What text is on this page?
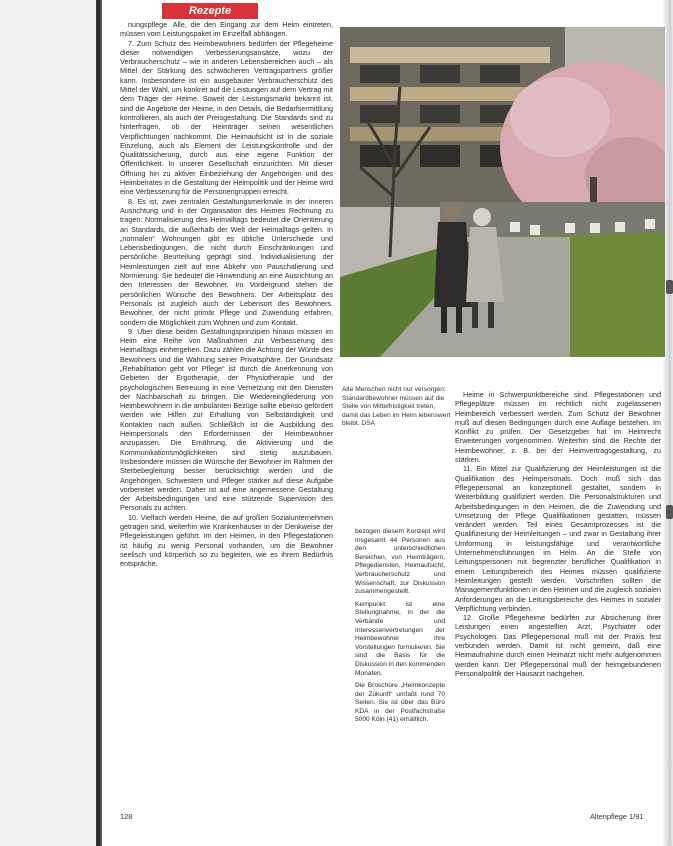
Rezepte

nungspflege. Alle, die den Eingang zur dem Heim eintreten, müssen vom Leistungspaket im Einzelfall abhängen.

7. Zum Schutz des Heimbewohners bedürfen der Pflegeheime dieser notwendigen Verbesserungsansätze, wozu der Verbraucherschutz – wie in anderen Lebensbereichen auch – als Mittel der Stärkung des schwächeren Vertragspartners größer kann. Insbesondere ist ein ausgebauter Verbraucherschutz des Mittel der Wahl, um konkret auf die Leistungen auf dem Vertrag mit dem Träger der Heime. Soweit der Leistungsmarkt bekannt ist, sind die Angebote der Heime, in den Details, die Bedarfsermittlung kontrollieren, als auch der Preisgestaltung. Die Standards sind zu hinterfragen, ob der Heimträger seinen wesentlichen Verpflichtungen nachkommt. Die Heimaufsicht ist in die soziale Einzelung, auch als Element der Leistungskontrolle und der Qualitätssicherung, durch aus eine eigene Funktion der Öffentlichkeit. In unserer Gesellschaft einzurichten. Mit dieser Öffnung hin zu aktiver Einbeziehung der Angehörigen und des Heimbeirates in die Gestaltung der Heimpolitik und der Heime wird eine Verbesserung für die Personengruppen erreicht.

8. Es ist, zwei zentralen Gestaltungsmerkmale in der inneren Ausrichtung und in der Organisation des Heimes Rechnung zu tragen: Normalisierung des Heimalltags bedeutet die Orientierung an Standards, die außerhalb der Welt der Heimalltags gelten. In „normalen“ Wohnungen gibt es übliche Unterschiede und Lebensbedingungen, die nicht durch Einschränkungen und persönliche Beurteilung geprägt sind. Individualisierung der Heimleistungen zielt auf eine Abkehr von Pauschalierung und Normierung. Sie bedeutet die Hinwendung an eine Ausrichtung an den Interessen der Bewohner. Im Vordergrund stehen die persönlichen Wünsche des Bewohners. Der Arbeitsplatz des Personals ist zugleich auch der Lebensort des Bewohners. Bewohner, der nicht primär Pflege und Zuwendung erfahren, sondern die Möglichkeit zum Wohnen und zum Kontakt.

9. Über diese beiden Gestaltungsprinzipien hinaus müssen im Heim eine Reihe von Maßnahmen zur Verbesserung des Heimalltags einhergehen. Dazu zählen die Achtung der Würde des Bewohners und die Wahrung seiner Privatsphäre. Der Grundsatz „Rehabilitation geht vor Pflege“ ist durch die Anerkennung von Gebieten der Ergotherapie, der Physiotherapie und der psychologischen Betreuung in eine Vernetzung mit den Diensten der Nachbarschaft zu bringen. Die Wiedereingliederung von Heimbewohnern in die ambulanten Bezüge sollte ebenso gefördert werden wie Hilfen zur Erhaltung von Selbständigkeit und Kontakten nach außen. Schließlich ist die Ausbildung des Heimpersonals den Erfordernissen der Heimbewohner anzupassen. Die Ernährung, die Aktivierung und die Kommunikationsmöglichkeiten sind stetig auszubauen. Insbesondere müssen die Wünsche der Bewohner im Rahmen der Sterbebegleitung besser berücksichtigt werden und die Angehörigen, Schwestern und Pfleger stärker auf diese Aufgabe vorbereitet werden. Daher ist auf eine angemessene Gestaltung der Arbeitsbedingungen und eine stützende Supervision des Personals zu achten.

10. Vielfach werden Heime, die auf großen Sozialunternehmen getragen sind, weiterhin wie Krankenhäuser in der Denkweise der Pflegeleistungen geführt. Im den Heimen, in den Pflegestationen ist häufig zu wenig Personal vorhanden, um die Bewohner seelisch und körperlich so zu begleiten, wie es ihrem Bedürfnis entspräche.

Alte Menschen nicht nur versorgen: Standardbewohner müssen auf die Stelle von Mittelfristigkeit treten, damit das Leben im Heim lebenswert bleibt. DSA

bezogen diesem Konzept wird Insgesamt 44 Personen aus den unterschiedlichen Bereichen, von Heimträgern, Pflegediensten, Heimaufsicht, Verbraucherschutz und Wissenschaft, zur Diskussion zusammengestellt.

Kernpunkt ist eine Stellungnahme, in der die Verbände und Interessenvertretungen der Heimbewohner ihre Vorstellungen formulieren. Sie sind die Basis für die Diskussion in den kommenden Monaten.

Die Broschüre „Heimkonzepte der Zukunft“ umfaßt rund 70 Seiten. Sie ist über das Büro KDA in der Postfachstraße 5000 Köln (41) erhältlich.

Heime in Schwerpunktbereiche sind. Pflegestationen und Pflegeplätze müssen im rechtlich nicht zugelassenen Heimbereich verbessert werden. Zum Schutz der Bewohner muß auf diesen Bedingungen durch eine Auflage bestehen. Im Konflikt zu prüfen. Der Gesetzgeber hat im Heimrecht Erweiterungen vorgenommen. Weiterhin sind die Rechte der Heimbewohner, z. B. bei der Heimvertragsgestaltung, zu stärken.

11. Ein Mittel zur Qualifizierung der Heimleistungen ist die Qualifikation des Heimpersonals. Doch muß sich das Pflegepersonal an konzeptionell gestaltet, sondern in Weiterbildung qualifiziert werden. Die Personalstrukturen und Arbeitsbedingungen in den Heimen, die die Zuwendung und Umsetzung der Pflege Qualifikationen gestatten, müssen verändert werden. Teil eines Gesamtprozesses ist die Qualifizierung der Heimleitungen – und zwar in Gestaltung ihrer Umformung in leistungsfähige und verantwortliche Unternehmensführungen im Heim. An die Stelle von Leitungspersonen mit begrenzter beruflicher Qualifikation in einem Leitungsbereich des Heimes müssen qualifizierte Heimleitungen gestellt werden. Vorschriften sollten die Managementfunktionen in den Heimen und die zugleich sozialen Anforderungen an die Leitungsbereiche des Heimes in sozialer Verpflichtung verbinden.

12. Große Pflegeheime bedürfen zur Absicherung ihrer Leistungen einen angestellten Arzt, Psychiater oder Psychologen. Das Pflegepersonal muß mit der Praxis fest verbunden werden. Damit ist nicht gemeint, daß eine Heimaufnahme durch einen Heimarzt nicht mehr aufgenommen werden kann. Der Pflegepersonal muß der heimgebundenen Personalpolitik der Hausarzt nachgehen.

128	Altenpflege 1/91
